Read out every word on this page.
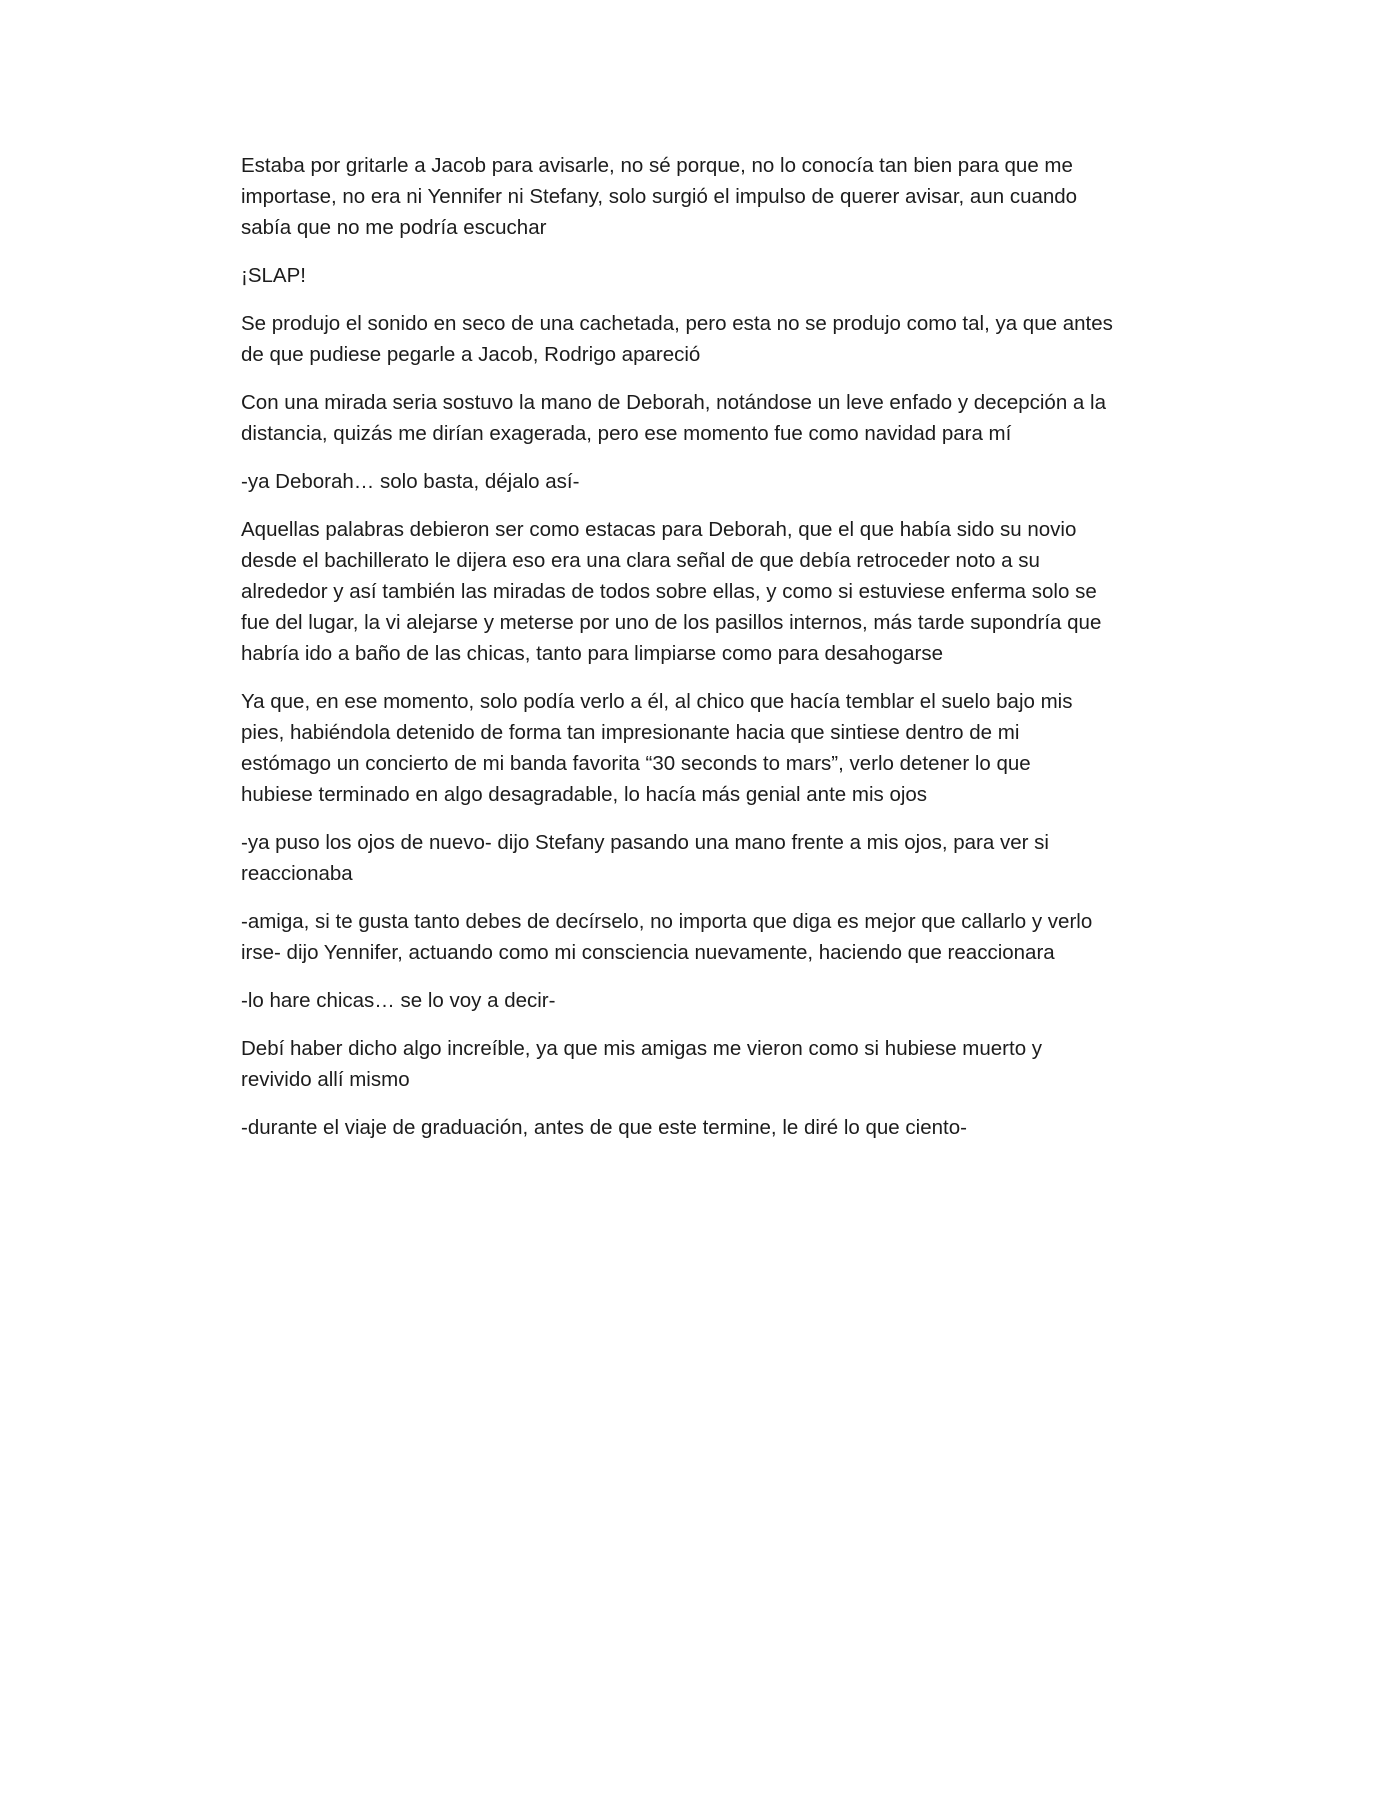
Estaba por gritarle a Jacob para avisarle, no sé porque, no lo conocía tan bien para que me
importase, no era ni Yennifer ni Stefany, solo surgió el impulso de querer avisar, aun cuando
sabía que no me podría escuchar

¡SLAP!

Se produjo el sonido en seco de una cachetada, pero esta no se produjo como tal, ya que antes
de que pudiese pegarle a Jacob, Rodrigo apareció

Con una mirada seria sostuvo la mano de Deborah, notándose un leve enfado y decepción a la
distancia, quizás me dirían exagerada, pero ese momento fue como navidad para mí

-ya Deborah… solo basta, déjalo así-

Aquellas palabras debieron ser como estacas para Deborah, que el que había sido su novio
desde el bachillerato le dijera eso era una clara señal de que debía retroceder noto a su
alrededor y así también las miradas de todos sobre ellas, y como si estuviese enferma solo se
fue del lugar, la vi alejarse y meterse por uno de los pasillos internos, más tarde supondría que
habría ido a baño de las chicas, tanto para limpiarse como para desahogarse

Ya que, en ese momento, solo podía verlo a él, al chico que hacía temblar el suelo bajo mis
pies, habiéndola detenido de forma tan impresionante hacia que sintiese dentro de mi
estómago un concierto de mi banda favorita “30 seconds to mars”, verlo detener lo que
hubiese terminado en algo desagradable, lo hacía más genial ante mis ojos

-ya puso los ojos de nuevo- dijo Stefany pasando una mano frente a mis ojos, para ver si
reaccionaba

-amiga, si te gusta tanto debes de decírselo, no importa que diga es mejor que callarlo y verlo
irse- dijo Yennifer, actuando como mi consciencia nuevamente, haciendo que reaccionara

-lo hare chicas… se lo voy a decir-

Debí haber dicho algo increíble, ya que mis amigas me vieron como si hubiese muerto y
revivido allí mismo

-durante el viaje de graduación, antes de que este termine, le diré lo que ciento-
